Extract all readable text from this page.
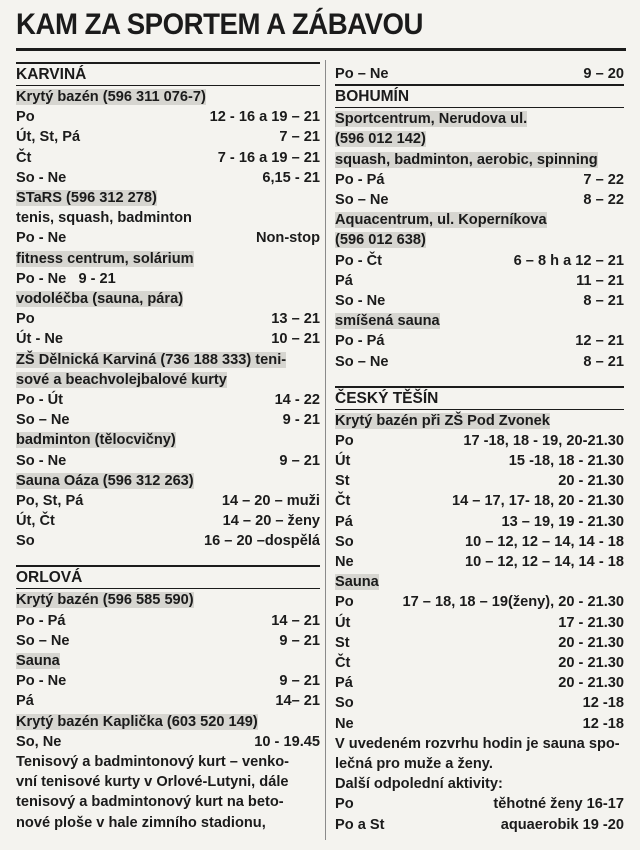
KAM ZA SPORTEM A ZÁBAVOU
KARVINÁ
Krytý bazén (596 311 076-7)
Po	12 - 16 a 19 – 21
Út, St, Pá	7 – 21
Čt	7 - 16 a 19 – 21
So - Ne	6,15 - 21
STaRS (596 312 278)
tenis, squash, badminton
Po - Ne	Non-stop
fitness centrum, solárium
Po - Ne 9 - 21
vodoléčba (sauna, pára)
Po	13 – 21
Út - Ne	10 – 21
ZŠ Dělnická Karviná (736 188 333) teni-
sové a beachvolejbalové kurty
Po - Út	14 - 22
So – Ne	9 - 21
badminton (tělocvičny)
So - Ne	9 – 21
Sauna Oáza (596 312 263)
Po, St, Pá	14 – 20 – muži
Út, Čt	14 – 20 – ženy
So	16 – 20 –dospělá
ORLOVÁ
Krytý bazén (596 585 590)
Po - Pá	14 – 21
So – Ne	9 – 21
Sauna
Po - Ne	9 – 21
Pá	14– 21
Krytý bazén Kaplička (603 520 149)
So, Ne	10 - 19.45
Tenisový a badmintonový kurt – venko-
vní tenisové kurty v Orlové-Lutyni, dále
tenisový a badmintonový kurt na beto-
nové ploše v hale zimního stadionu,
Po – Ne	9 – 20
BOHUMÍN
Sportcentrum, Nerudova ul.
(596 012 142)
squash, badminton, aerobic, spinning
Po - Pá	7 – 22
So – Ne	8 – 22
Aquacentrum, ul. Koperníkova
(596 012 638)
Po - Čt	6 – 8 h a 12 – 21
Pá	11 – 21
So - Ne	8 – 21
smíšená sauna
Po - Pá	12 – 21
So – Ne	8 – 21
ČESKÝ TĚŠÍN
Krytý bazén při ZŠ Pod Zvonek
Po	17 -18, 18 - 19, 20-21.30
Út	15 -18, 18 - 21.30
St	20 - 21.30
Čt	14 – 17, 17- 18, 20 - 21.30
Pá	13 – 19, 19 - 21.30
So	10 – 12, 12 – 14, 14 - 18
Ne	10 – 12, 12 – 14, 14 - 18
Sauna
Po	17 – 18, 18 – 19(ženy), 20 - 21.30
Út	17 - 21.30
St	20 - 21.30
Čt	20 - 21.30
Pá	20 - 21.30
So	12 -18
Ne	12 -18
V uvedeném rozvrhu hodin je sauna spo-
lečná pro muže a ženy.
Další odpolední aktivity:
Po	těhotné ženy 16-17
Po a St	aquaerobik 19 -20
